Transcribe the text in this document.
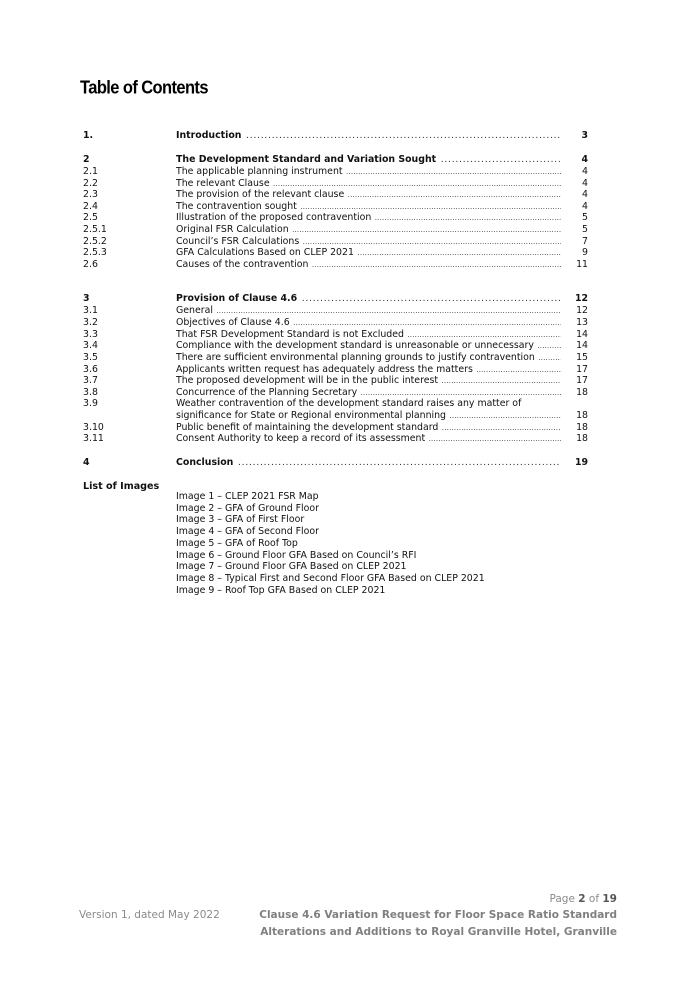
Table of Contents
1.	Introduction .....	3
2	The Development Standard and Variation Sought .....	4
2.1	The applicable planning instrument .....	4
2.2	The relevant Clause .....	4
2.3	The provision of the relevant clause .....	4
2.4	The contravention sought .....	4
2.5	Illustration of the proposed contravention .....	5
2.5.1	Original FSR Calculation .....	5
2.5.2	Council’s FSR Calculations .....	7
2.5.3	GFA Calculations Based on CLEP 2021 .....	9
2.6	Causes of the contravention .....	11
3	Provision of Clause 4.6 .....	12
3.1	General .....	12
3.2	Objectives of Clause 4.6 .....	13
3.3	That FSR Development Standard is not Excluded .....	14
3.4	Compliance with the development standard is unreasonable or unnecessary .....	14
3.5	There are sufficient environmental planning grounds to justify contravention .....	15
3.6	Applicants written request has adequately address the matters .....	17
3.7	The proposed development will be in the public interest .....	17
3.8	Concurrence of the Planning Secretary .....	18
3.9	Weather contravention of the development standard raises any matter of
significance for State or Regional environmental planning .....	18
3.10	Public benefit of maintaining the development standard .....	18
3.11	Consent Authority to keep a record of its assessment .....	18
4	Conclusion .....	19
List of Images
Image 1 – CLEP 2021 FSR Map
Image 2 – GFA of Ground Floor
Image 3 – GFA of First Floor
Image 4 – GFA of Second Floor
Image 5 – GFA of Roof Top
Image 6 – Ground Floor GFA Based on Council’s RFI
Image 7 – Ground Floor GFA Based on CLEP 2021
Image 8 – Typical First and Second Floor GFA Based on CLEP 2021
Image 9 – Roof Top GFA Based on CLEP 2021
Page 2 of 19
Version 1, dated May 2022	Clause 4.6 Variation Request for Floor Space Ratio Standard
Alterations and Additions to Royal Granville Hotel, Granville
